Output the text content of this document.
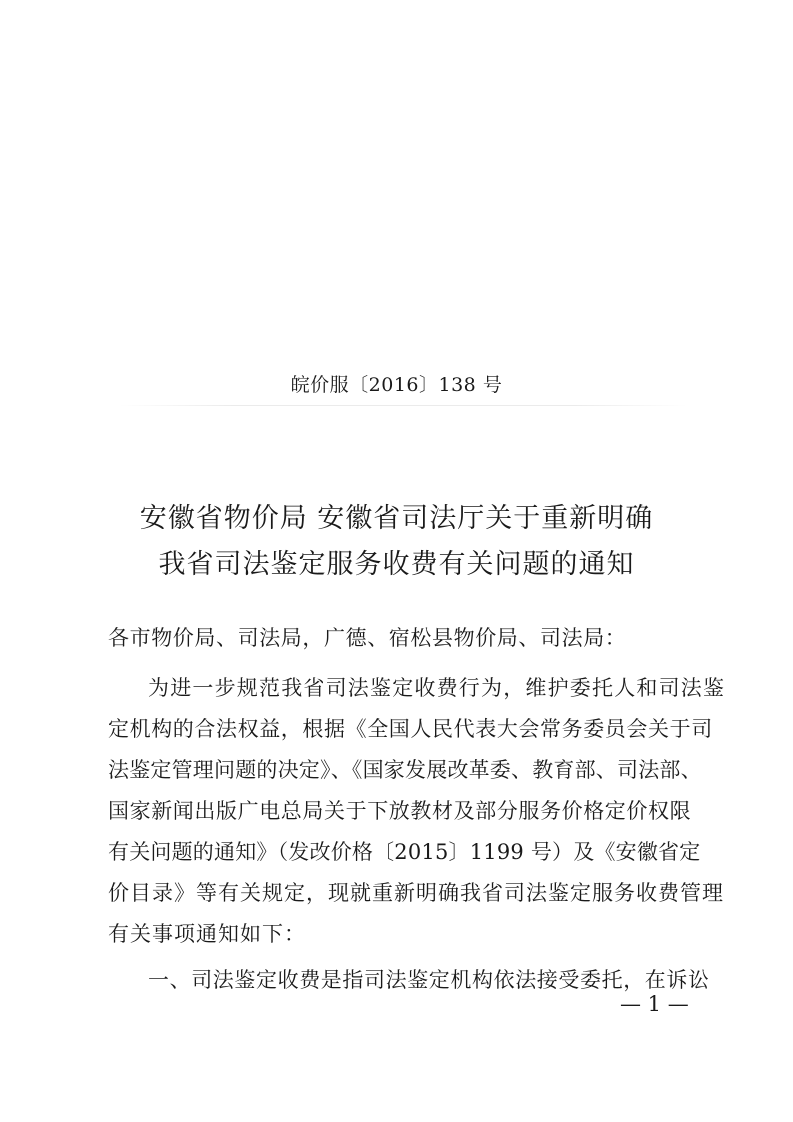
皖价服〔2016〕138 号
安徽省物价局 安徽省司法厅关于重新明确
我省司法鉴定服务收费有关问题的通知
各市物价局、司法局，广德、宿松县物价局、司法局：
为进一步规范我省司法鉴定收费行为，维护委托人和司法鉴
定机构的合法权益，根据《全国人民代表大会常务委员会关于司
法鉴定管理问题的决定》、《国家发展改革委、教育部、司法部、
国家新闻出版广电总局关于下放教材及部分服务价格定价权限
有关问题的通知》（发改价格〔2015〕1199 号）及《安徽省定
价目录》等有关规定，现就重新明确我省司法鉴定服务收费管理
有关事项通知如下：
一、司法鉴定收费是指司法鉴定机构依法接受委托，在诉讼
— 1 —
